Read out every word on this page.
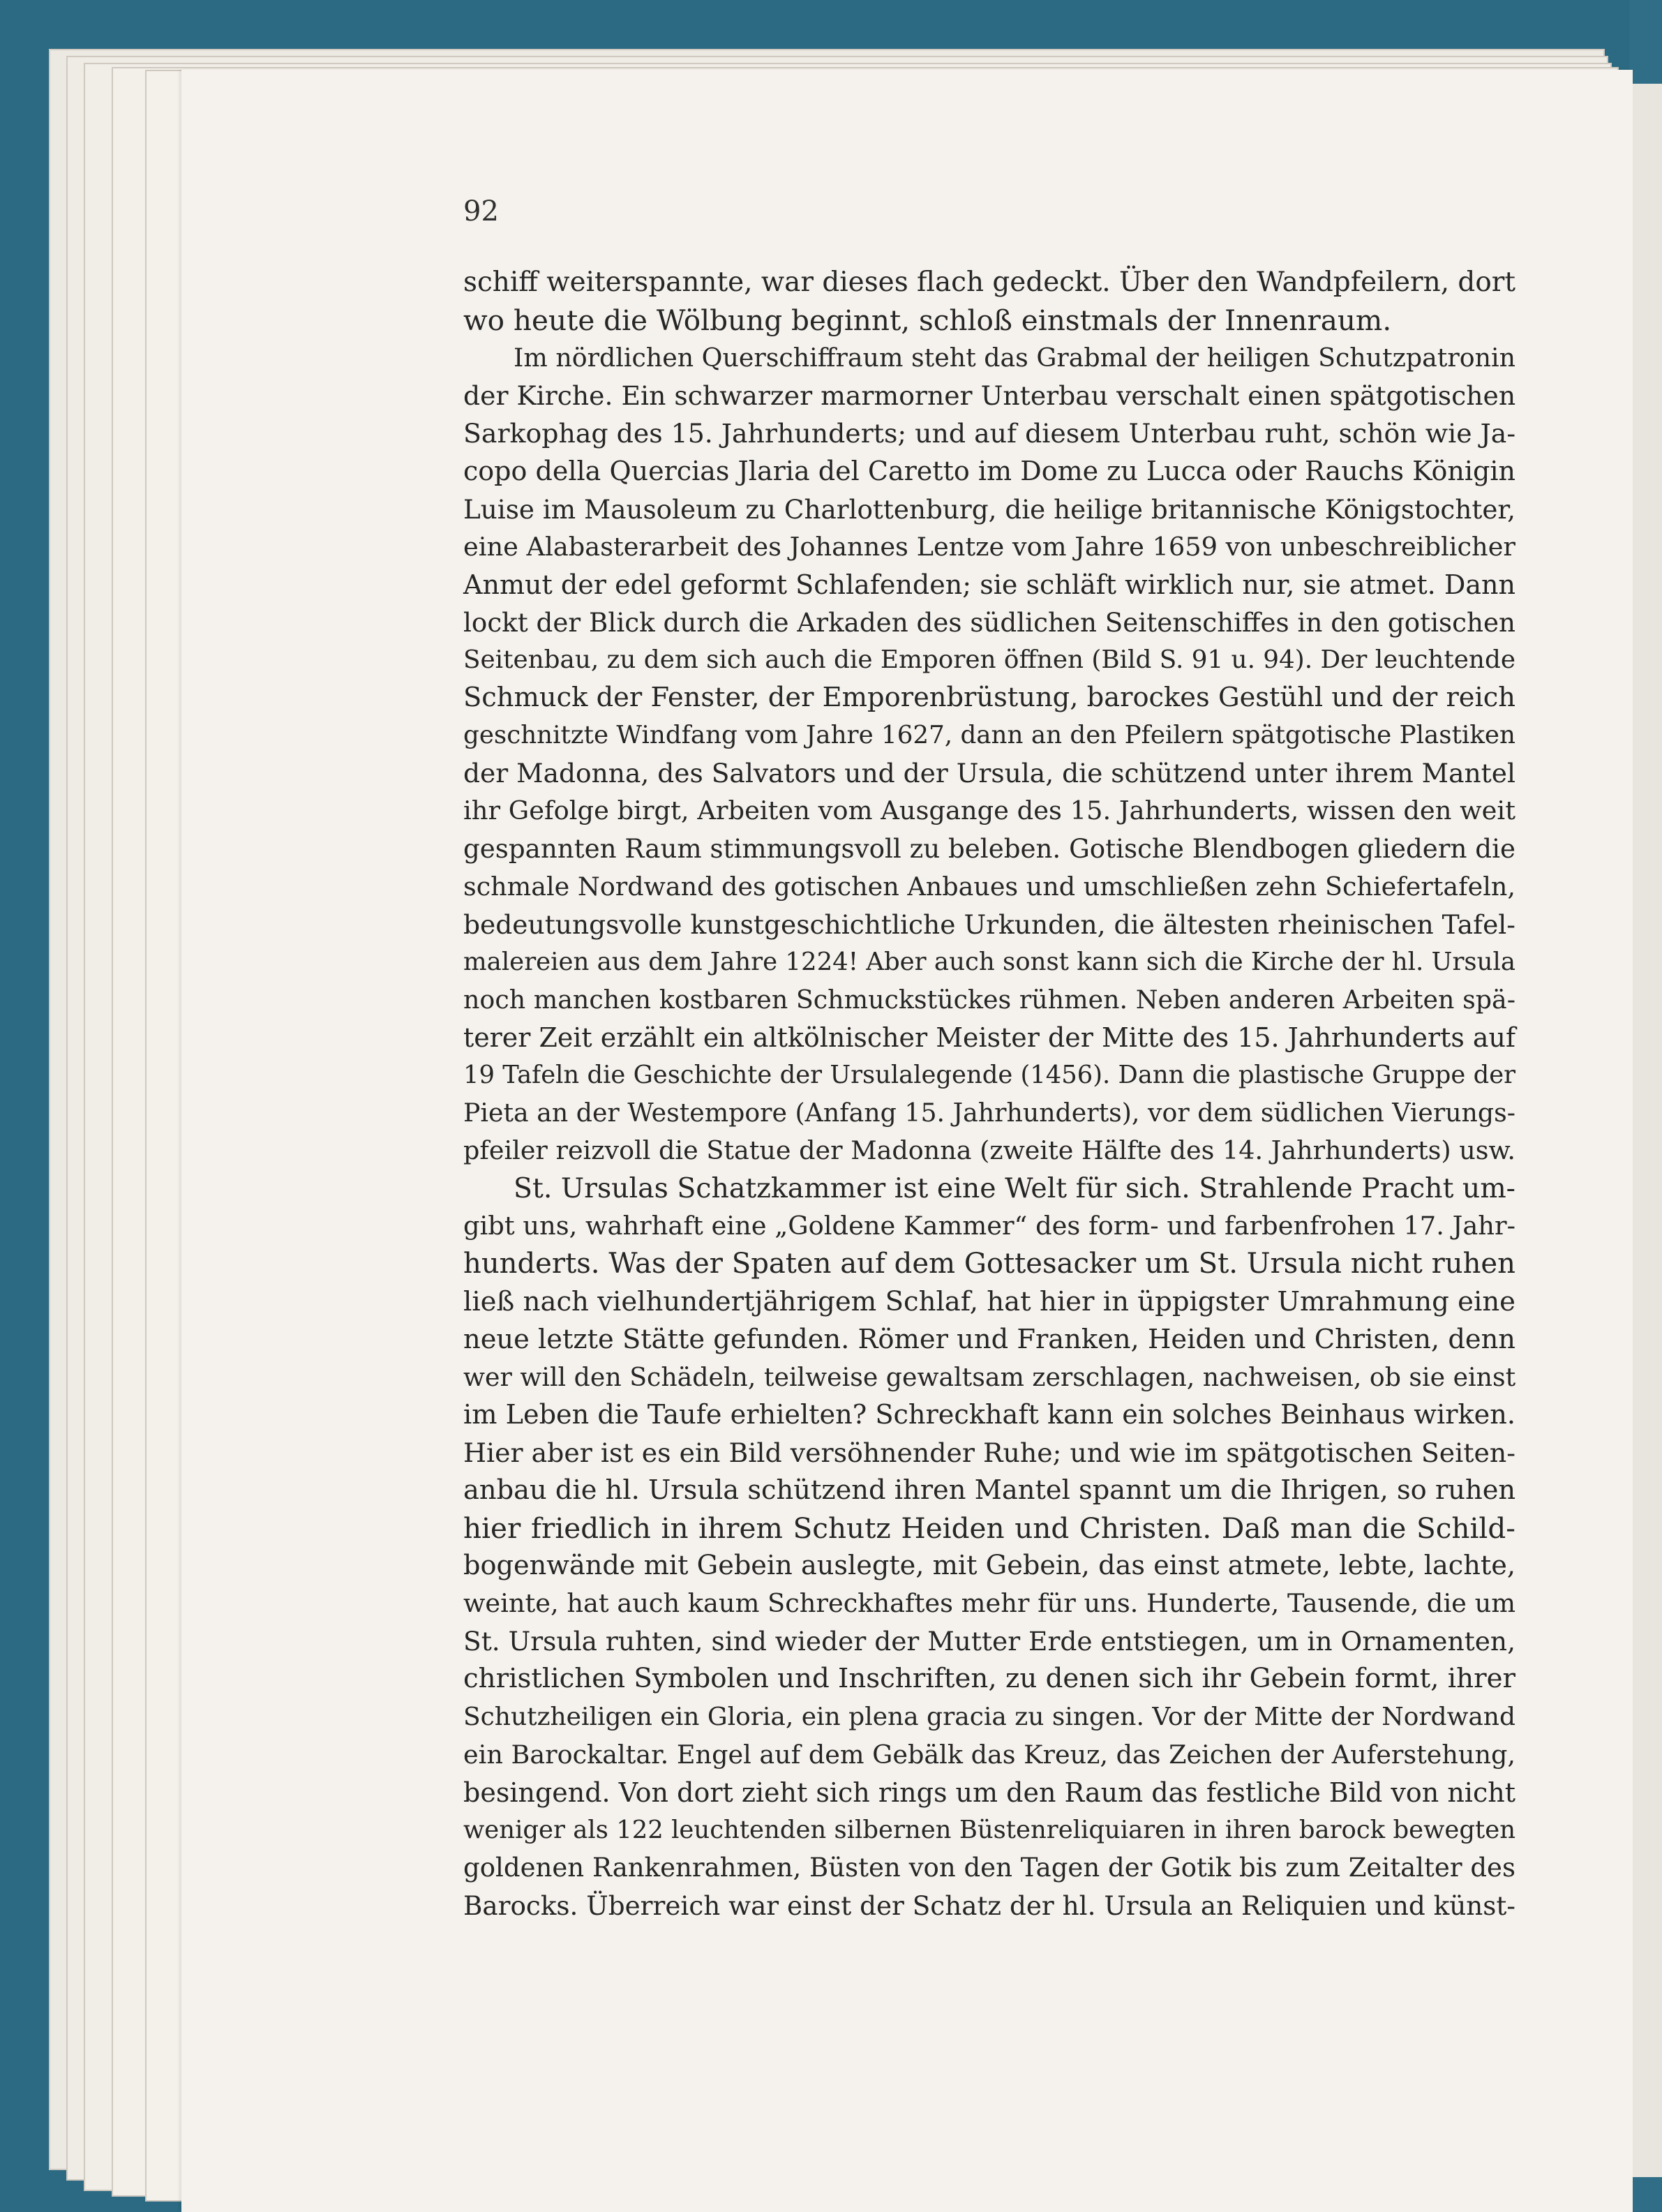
92
schiff weiterspannte, war dieses flach gedeckt. Über den Wandpfeilern, dort
wo heute die Wölbung beginnt, schloß einstmals der Innenraum.
Im nördlichen Querschiffraum steht das Grabmal der heiligen Schutzpatronin
der Kirche. Ein schwarzer marmorner Unterbau verschalt einen spätgotischen
Sarkophag des 15. Jahrhunderts; und auf diesem Unterbau ruht, schön wie Ja-
copo della Quercias Jlaria del Caretto im Dome zu Lucca oder Rauchs Königin
Luise im Mausoleum zu Charlottenburg, die heilige britannische Königstochter,
eine Alabasterarbeit des Johannes Lentze vom Jahre 1659 von unbeschreiblicher
Anmut der edel geformt Schlafenden; sie schläft wirklich nur, sie atmet. Dann
lockt der Blick durch die Arkaden des südlichen Seitenschiffes in den gotischen
Seitenbau, zu dem sich auch die Emporen öffnen (Bild S. 91 u. 94). Der leuchtende
Schmuck der Fenster, der Emporenbrüstung, barockes Gestühl und der reich
geschnitzte Windfang vom Jahre 1627, dann an den Pfeilern spätgotische Plastiken
der Madonna, des Salvators und der Ursula, die schützend unter ihrem Mantel
ihr Gefolge birgt, Arbeiten vom Ausgange des 15. Jahrhunderts, wissen den weit
gespannten Raum stimmungsvoll zu beleben. Gotische Blendbogen gliedern die
schmale Nordwand des gotischen Anbaues und umschließen zehn Schiefertafeln,
bedeutungsvolle kunstgeschichtliche Urkunden, die ältesten rheinischen Tafel-
malereien aus dem Jahre 1224! Aber auch sonst kann sich die Kirche der hl. Ursula
noch manchen kostbaren Schmuckstückes rühmen. Neben anderen Arbeiten spä-
terer Zeit erzählt ein altkölnischer Meister der Mitte des 15. Jahrhunderts auf
19 Tafeln die Geschichte der Ursulalegende (1456). Dann die plastische Gruppe der
Pieta an der Westempore (Anfang 15. Jahrhunderts), vor dem südlichen Vierungs-
pfeiler reizvoll die Statue der Madonna (zweite Hälfte des 14. Jahrhunderts) usw.
St. Ursulas Schatzkammer ist eine Welt für sich. Strahlende Pracht um-
gibt uns, wahrhaft eine „Goldene Kammer“ des form- und farbenfrohen 17. Jahr-
hunderts. Was der Spaten auf dem Gottesacker um St. Ursula nicht ruhen
ließ nach vielhundertjährigem Schlaf, hat hier in üppigster Umrahmung eine
neue letzte Stätte gefunden. Römer und Franken, Heiden und Christen, denn
wer will den Schädeln, teilweise gewaltsam zerschlagen, nachweisen, ob sie einst
im Leben die Taufe erhielten? Schreckhaft kann ein solches Beinhaus wirken.
Hier aber ist es ein Bild versöhnender Ruhe; und wie im spätgotischen Seiten-
anbau die hl. Ursula schützend ihren Mantel spannt um die Ihrigen, so ruhen
hier friedlich in ihrem Schutz Heiden und Christen. Daß man die Schild-
bogenwände mit Gebein auslegte, mit Gebein, das einst atmete, lebte, lachte,
weinte, hat auch kaum Schreckhaftes mehr für uns. Hunderte, Tausende, die um
St. Ursula ruhten, sind wieder der Mutter Erde entstiegen, um in Ornamenten,
christlichen Symbolen und Inschriften, zu denen sich ihr Gebein formt, ihrer
Schutzheiligen ein Gloria, ein plena gracia zu singen. Vor der Mitte der Nordwand
ein Barockaltar. Engel auf dem Gebälk das Kreuz, das Zeichen der Auferstehung,
besingend. Von dort zieht sich rings um den Raum das festliche Bild von nicht
weniger als 122 leuchtenden silbernen Büstenreliquiaren in ihren barock bewegten
goldenen Rankenrahmen, Büsten von den Tagen der Gotik bis zum Zeitalter des
Barocks. Überreich war einst der Schatz der hl. Ursula an Reliquien und künst-
